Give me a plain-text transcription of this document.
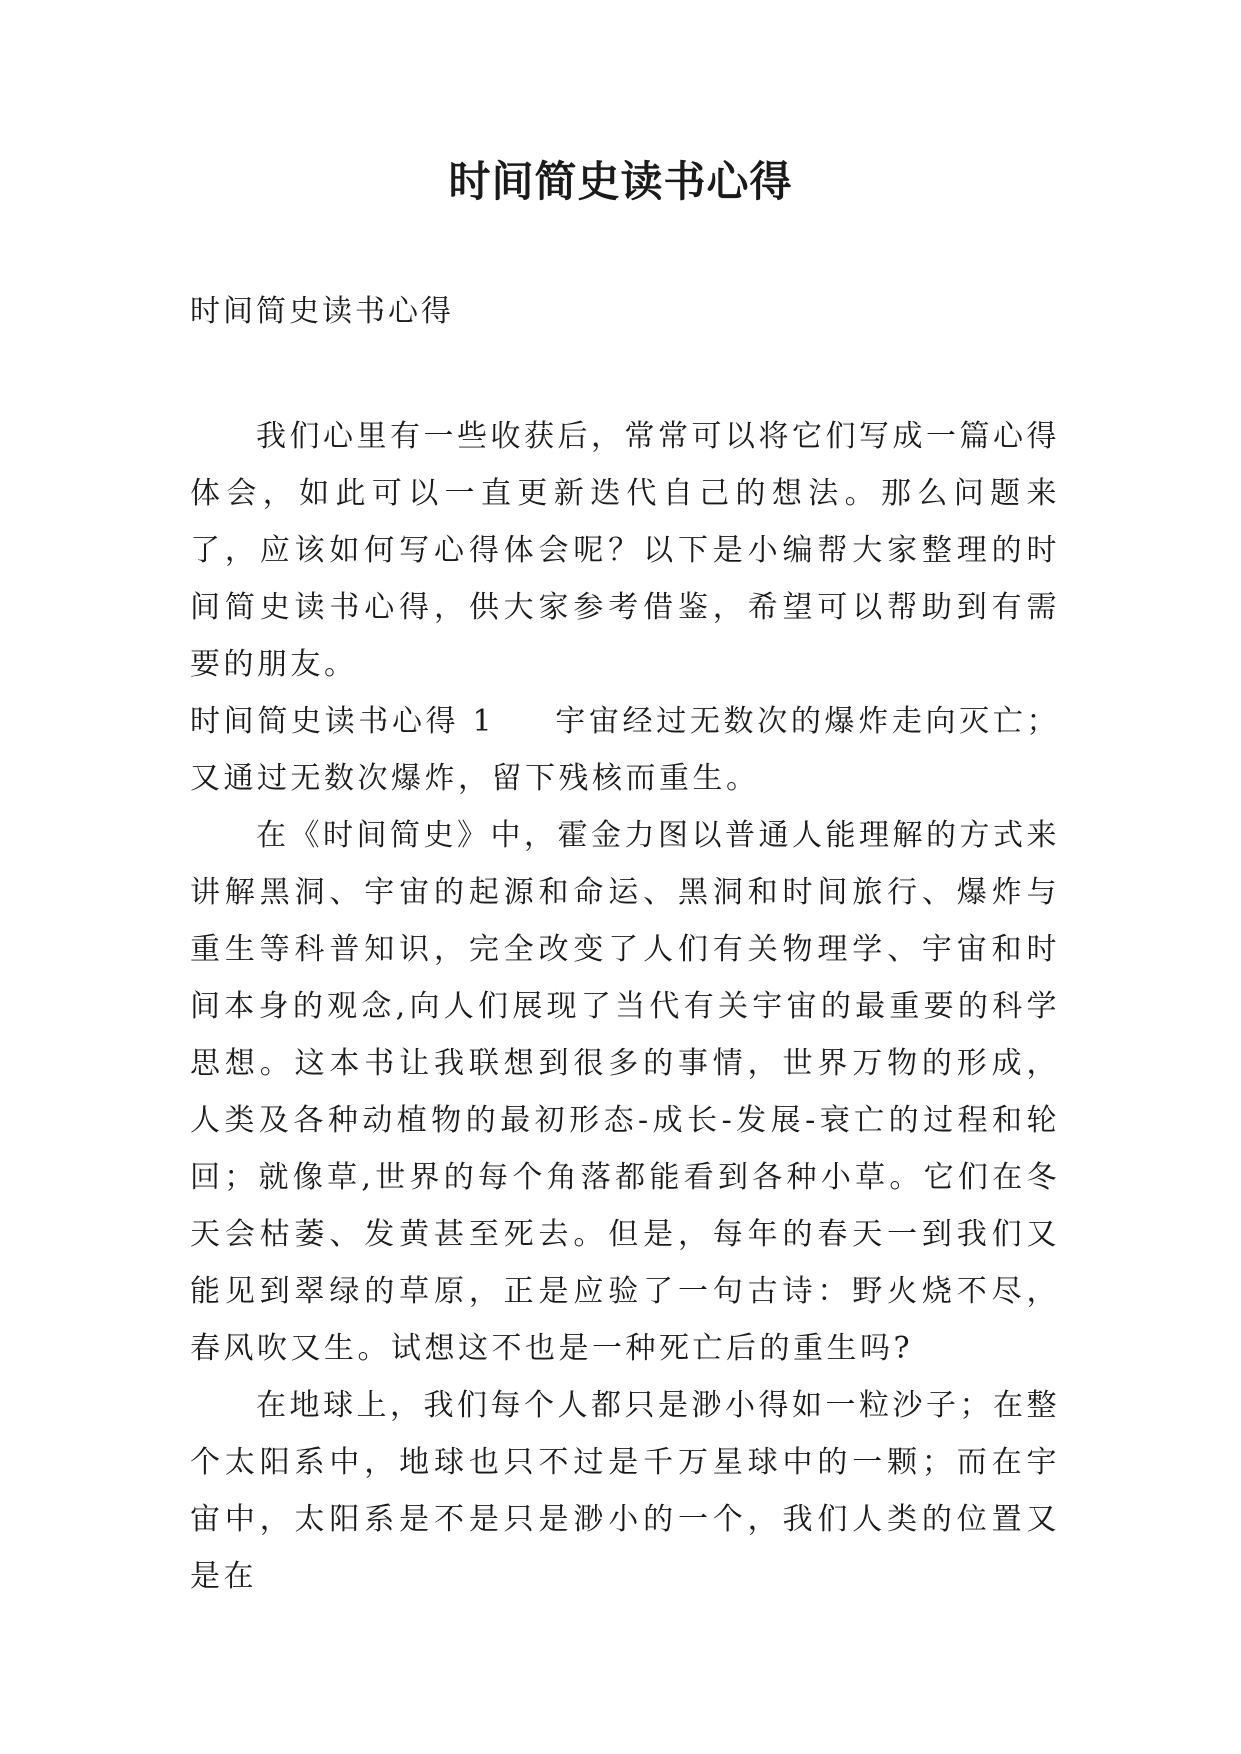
时间简史读书心得

时间简史读书心得

我们心里有一些收获后，常常可以将它们写成一篇心得体会，如此可以一直更新迭代自己的想法。那么问题来了，应该如何写心得体会呢？以下是小编帮大家整理的时间简史读书心得，供大家参考借鉴，希望可以帮助到有需要的朋友。

时间简史读书心得 1 宇宙经过无数次的爆炸走向灭亡；又通过无数次爆炸，留下残核而重生。

在《时间简史》中，霍金力图以普通人能理解的方式来讲解黑洞、宇宙的起源和命运、黑洞和时间旅行、爆炸与重生等科普知识，完全改变了人们有关物理学、宇宙和时间本身的观念,向人们展现了当代有关宇宙的最重要的科学思想。这本书让我联想到很多的事情，世界万物的形成，人类及各种动植物的最初形态-成长-发展-衰亡的过程和轮回；就像草,世界的每个角落都能看到各种小草。它们在冬天会枯萎、发黄甚至死去。但是，每年的春天一到我们又能见到翠绿的草原，正是应验了一句古诗：野火烧不尽，春风吹又生。试想这不也是一种死亡后的重生吗?

在地球上，我们每个人都只是渺小得如一粒沙子；在整个太阳系中，地球也只不过是千万星球中的一颗；而在宇宙中，太阳系是不是只是渺小的一个，我们人类的位置又是在
